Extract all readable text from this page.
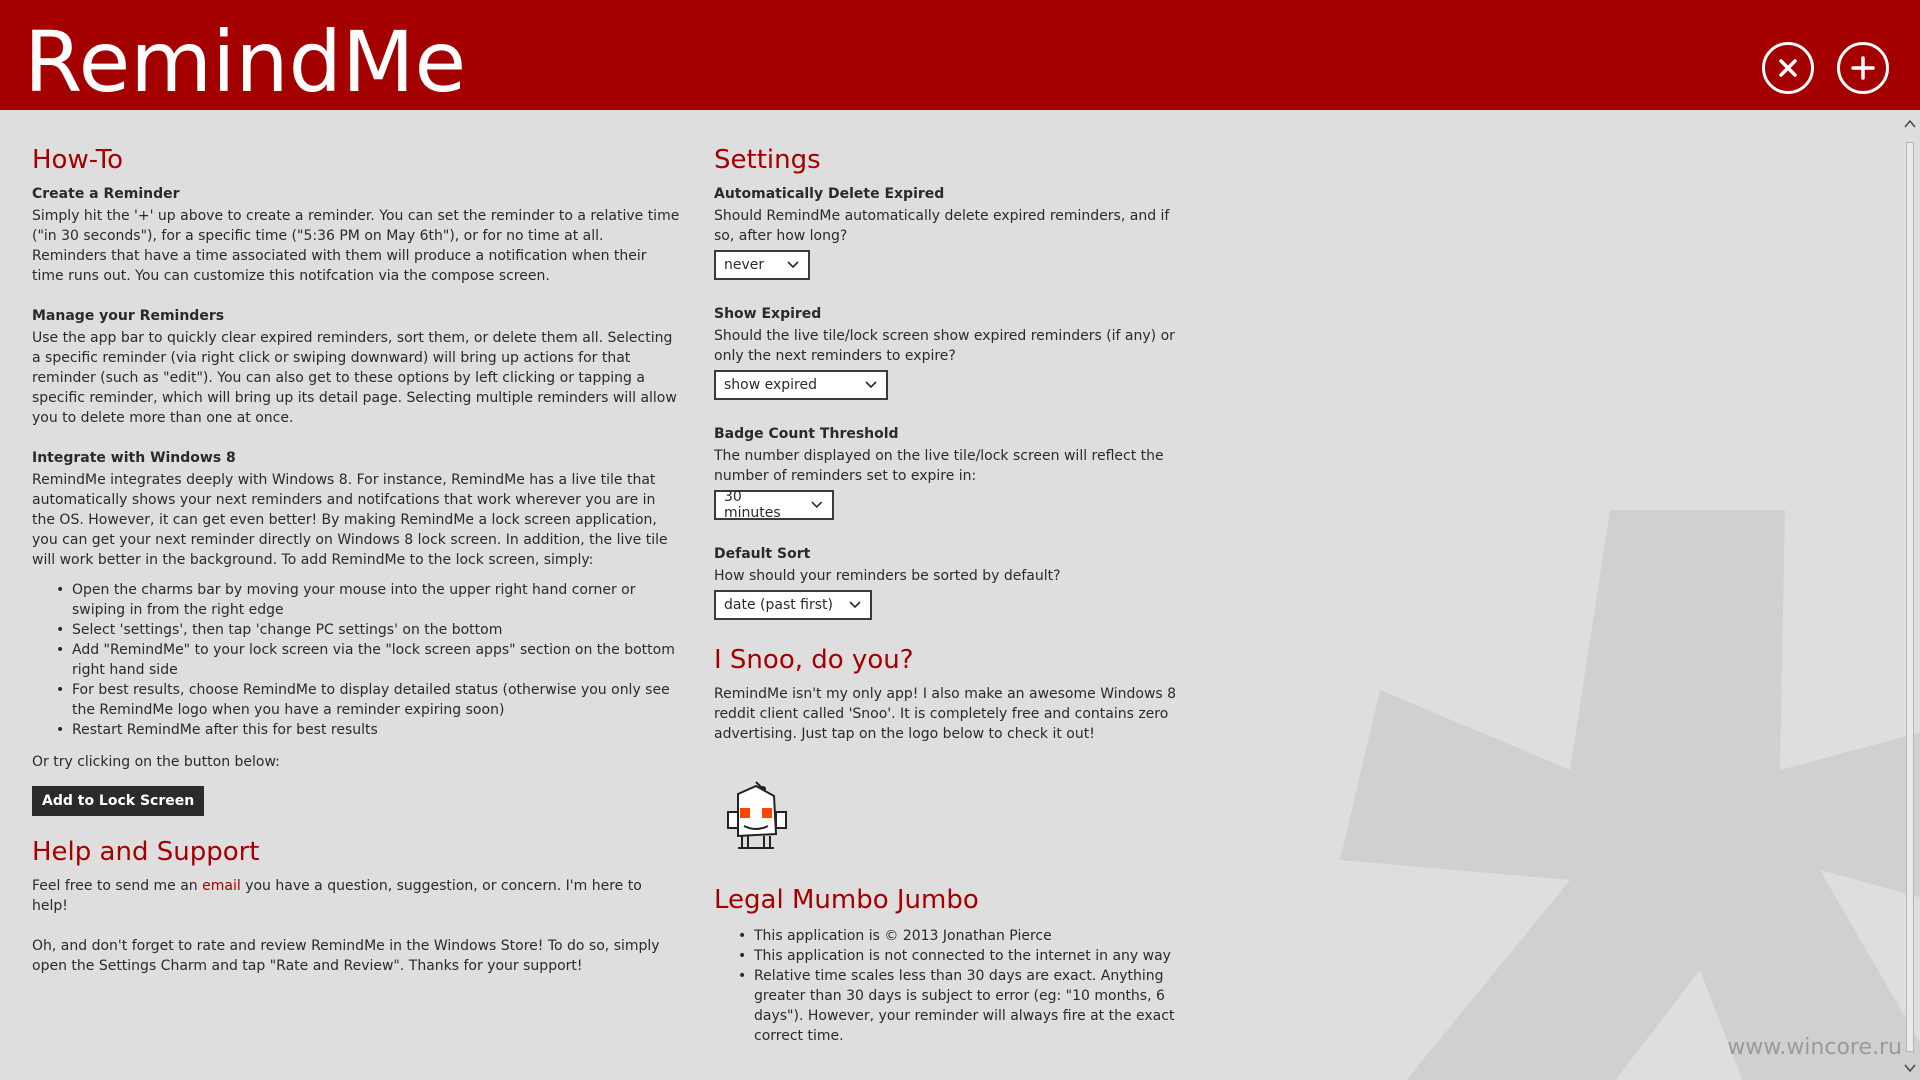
RemindMe
How-To
Create a Reminder

Simply hit the '+' up above to create a reminder. You can set the reminder to a relative time ("in 30 seconds"), for a specific time ("5:36 PM on May 6th"), or for no time at all. Reminders that have a time associated with them will produce a notification when their time runs out. You can customize this notifcation via the compose screen.

Manage your Reminders

Use the app bar to quickly clear expired reminders, sort them, or delete them all. Selecting a specific reminder (via right click or swiping downward) will bring up actions for that reminder (such as "edit"). You can also get to these options by left clicking or tapping a specific reminder, which will bring up its detail page. Selecting multiple reminders will allow you to delete more than one at once.

Integrate with Windows 8

RemindMe integrates deeply with Windows 8. For instance, RemindMe has a live tile that automatically shows your next reminders and notifcations that work wherever you are in the OS. However, it can get even better! By making RemindMe a lock screen application, you can get your next reminder directly on Windows 8 lock screen. In addition, the live tile will work better in the background. To add RemindMe to the lock screen, simply:

• Open the charms bar by moving your mouse into the upper right hand corner or swiping in from the right edge
• Select 'settings', then tap 'change PC settings' on the bottom
• Add "RemindMe" to your lock screen via the "lock screen apps" section on the bottom right hand side
• For best results, choose RemindMe to display detailed status (otherwise you only see the RemindMe logo when you have a reminder expiring soon)
• Restart RemindMe after this for best results

Or try clicking on the button below:

Add to Lock Screen
Help and Support

Feel free to send me an email you have a question, suggestion, or concern. I'm here to help!

Oh, and don't forget to rate and review RemindMe in the Windows Store! To do so, simply open the Settings Charm and tap "Rate and Review". Thanks for your support!

Settings
Automatically Delete Expired

Should RemindMe automatically delete expired reminders, and if so, after how long?

never
Show Expired

Should the live tile/lock screen show expired reminders (if any) or only the next reminders to expire?

show expired
Badge Count Threshold

The number displayed on the live tile/lock screen will reflect the number of reminders set to expire in:

30 minutes
Default Sort

How should your reminders be sorted by default?

date (past first)
I Snoo, do you?

RemindMe isn't my only app! I also make an awesome Windows 8 reddit client called 'Snoo'. It is completely free and contains zero advertising. Just tap on the logo below to check it out!

Legal Mumbo Jumbo
• This application is © 2013 Jonathan Pierce
• This application is not connected to the internet in any way
• Relative time scales less than 30 days are exact. Anything greater than 30 days is subject to error (eg: "10 months, 6 days"). However, your reminder will always fire at the exact correct time.	www.wincore.ru
